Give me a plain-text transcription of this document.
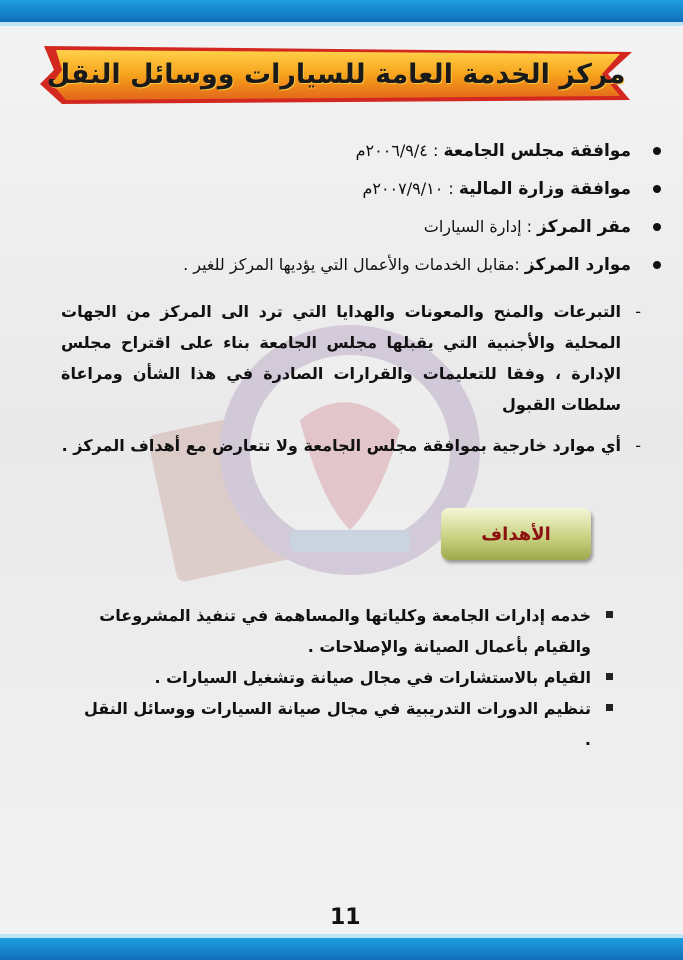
مركز الخدمة العامة للسيارات ووسائل النقل
موافقة مجلس الجامعة : ٢٠٠٦/٩/٤م
موافقة وزارة المالية : ٢٠٠٧/٩/١٠م
مقر المركز : إدارة السيارات
موارد المركز :مقابل الخدمات والأعمال التي يؤديها المركز للغير .
-
التبرعات والمنح والمعونات والهدايا التي ترد الى المركز من الجهات المحلية والأجنبية التي يقبلها مجلس الجامعة بناء على اقتراح مجلس الإدارة ، وفقا للتعليمات والقرارات الصادرة في هذا الشأن ومراعاة سلطات القبول
-
أي موارد خارجية بموافقة مجلس الجامعة ولا تتعارض مع أهداف المركز .
الأهداف
خدمه إدارات الجامعة وكلياتها والمساهمة في تنفيذ المشروعات والقيام بأعمال الصيانة والإصلاحات .
القيام بالاستشارات في مجال صيانة وتشغيل السيارات .
تنظيم الدورات التدريبية في مجال صيانة السيارات ووسائل النقل .
11
